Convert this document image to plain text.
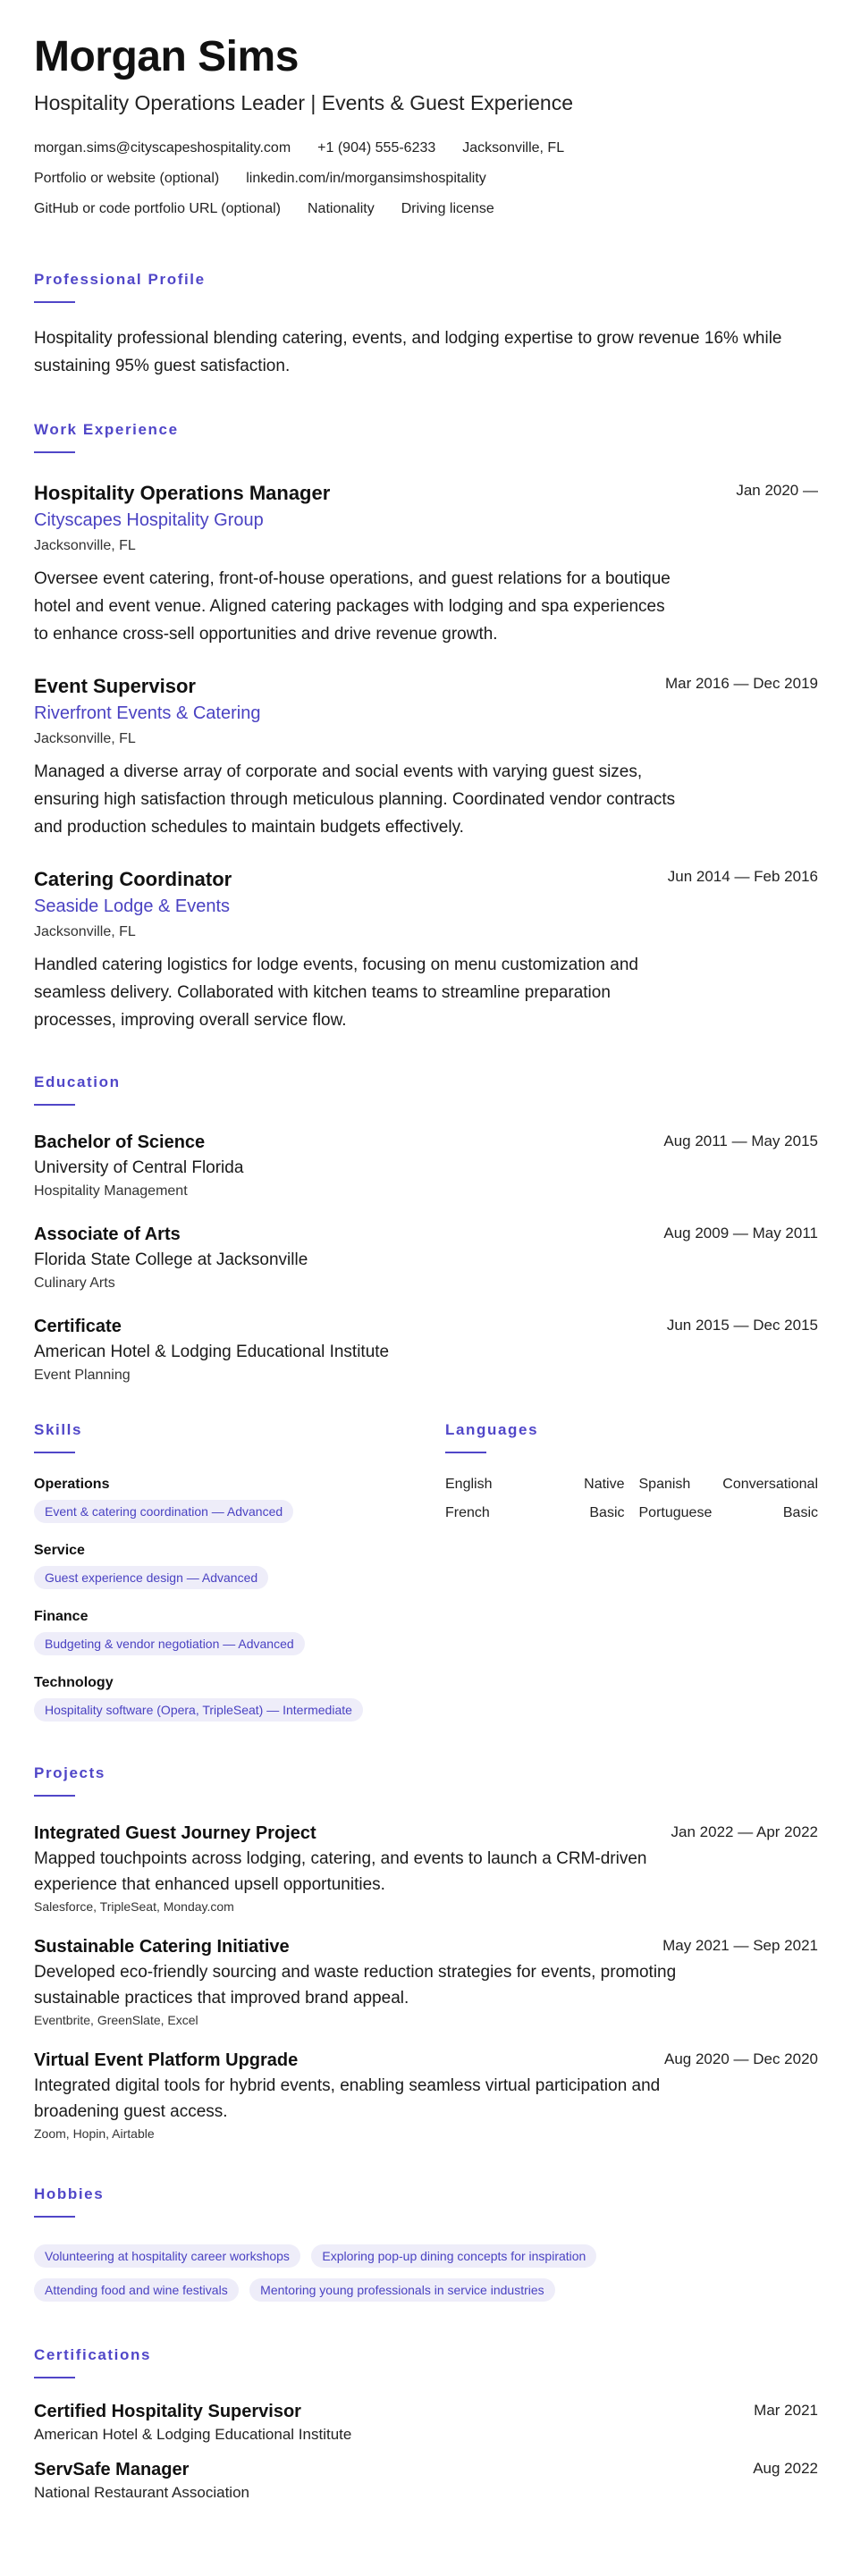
Morgan Sims
Hospitality Operations Leader | Events & Guest Experience
morgan.sims@cityscapeshospitality.com +1 (904) 555-6233 Jacksonville, FL
Portfolio or website (optional) linkedin.com/in/morgansimshospitality
GitHub or code portfolio URL (optional) Nationality Driving license
Professional Profile
Hospitality professional blending catering, events, and lodging expertise to grow revenue 16% while sustaining 95% guest satisfaction.
Work Experience
Hospitality Operations Manager	Jan 2020 —
Cityscapes Hospitality Group
Jacksonville, FL
Oversee event catering, front-of-house operations, and guest relations for a boutique hotel and event venue. Aligned catering packages with lodging and spa experiences to enhance cross-sell opportunities and drive revenue growth.
Event Supervisor	Mar 2016 — Dec 2019
Riverfront Events & Catering
Jacksonville, FL
Managed a diverse array of corporate and social events with varying guest sizes, ensuring high satisfaction through meticulous planning. Coordinated vendor contracts and production schedules to maintain budgets effectively.
Catering Coordinator	Jun 2014 — Feb 2016
Seaside Lodge & Events
Jacksonville, FL
Handled catering logistics for lodge events, focusing on menu customization and seamless delivery. Collaborated with kitchen teams to streamline preparation processes, improving overall service flow.
Education
Bachelor of Science	Aug 2011 — May 2015
University of Central Florida
Hospitality Management
Associate of Arts	Aug 2009 — May 2011
Florida State College at Jacksonville
Culinary Arts
Certificate	Jun 2015 — Dec 2015
American Hotel & Lodging Educational Institute
Event Planning
Skills
Operations
Event & catering coordination — Advanced
Service
Guest experience design — Advanced
Finance
Budgeting & vendor negotiation — Advanced
Technology
Hospitality software (Opera, TripleSeat) — Intermediate
Languages
English	Native Spanish Conversational
French	Basic Portuguese	Basic
Projects
Integrated Guest Journey Project	Jan 2022 — Apr 2022
Mapped touchpoints across lodging, catering, and events to launch a CRM-driven experience that enhanced upsell opportunities.
Salesforce, TripleSeat, Monday.com
Sustainable Catering Initiative	May 2021 — Sep 2021
Developed eco-friendly sourcing and waste reduction strategies for events, promoting sustainable practices that improved brand appeal.
Eventbrite, GreenSlate, Excel
Virtual Event Platform Upgrade	Aug 2020 — Dec 2020
Integrated digital tools for hybrid events, enabling seamless virtual participation and broadening guest access.
Zoom, Hopin, Airtable
Hobbies
Volunteering at hospitality career workshops	Exploring pop-up dining concepts for inspiration Attending food and wine festivals	Mentoring young professionals in service industries
Certifications
Certified Hospitality Supervisor	Mar 2021
American Hotel & Lodging Educational Institute
ServSafe Manager	Aug 2022
National Restaurant Association
